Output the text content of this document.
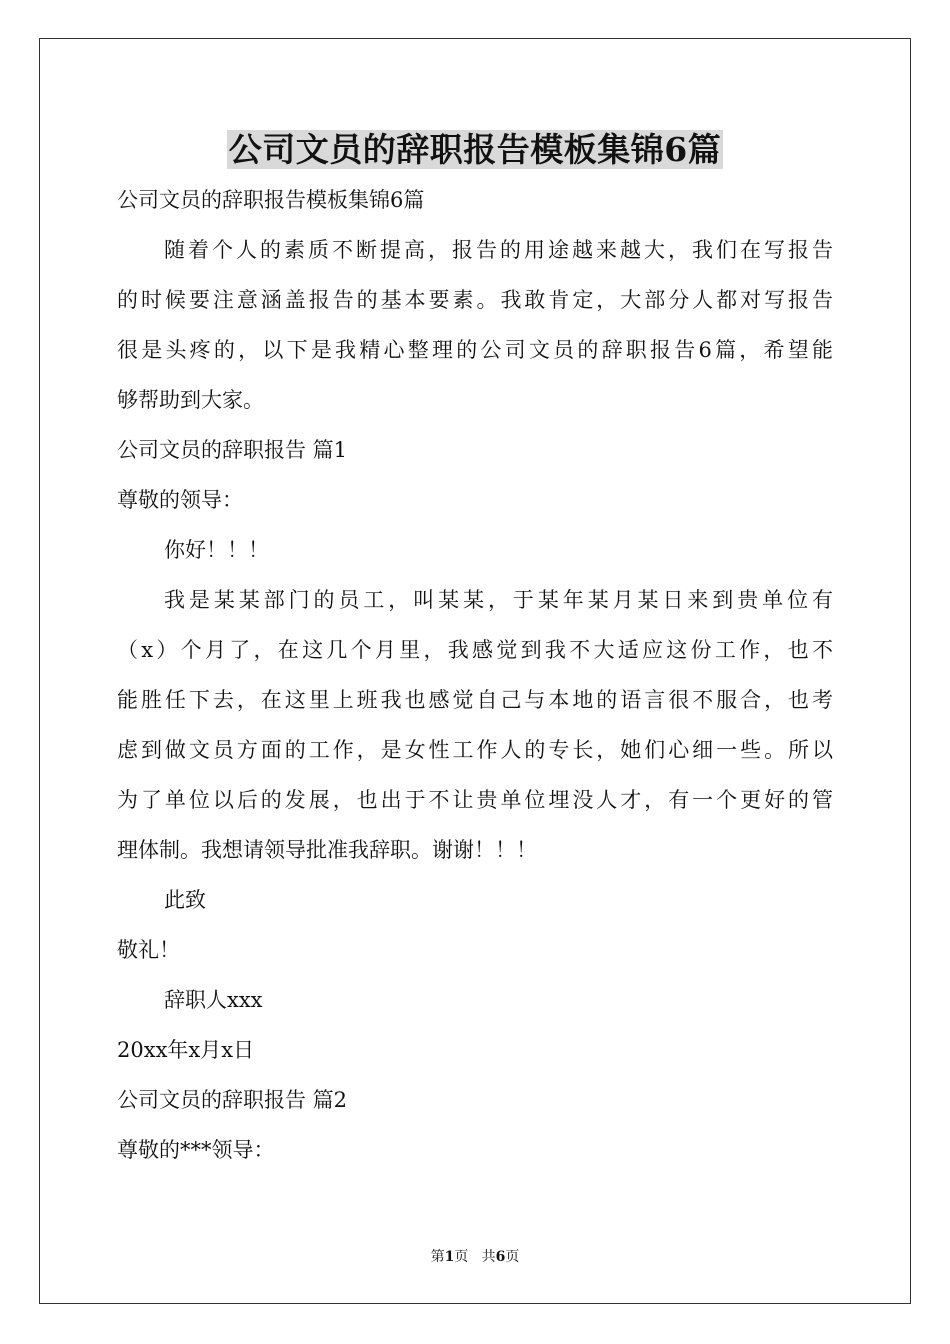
公司文员的辞职报告模板集锦6篇
公司文员的辞职报告模板集锦6篇
随着个人的素质不断提高，报告的用途越来越大，我们在写报告
的时候要注意涵盖报告的基本要素。我敢肯定，大部分人都对写报告
很是头疼的，以下是我精心整理的公司文员的辞职报告6篇，希望能
够帮助到大家。
公司文员的辞职报告 篇1
尊敬的领导：
你好！！！
我是某某部门的员工，叫某某，于某年某月某日来到贵单位有
（x）个月了，在这几个月里，我感觉到我不大适应这份工作，也不
能胜任下去，在这里上班我也感觉自己与本地的语言很不服合，也考
虑到做文员方面的工作，是女性工作人的专长，她们心细一些。所以
为了单位以后的发展，也出于不让贵单位埋没人才，有一个更好的管
理体制。我想请领导批准我辞职。谢谢！！！
此致
敬礼！
辞职人xxx
20xx年x月x日
公司文员的辞职报告 篇2
尊敬的***领导：
第1页 共6页
